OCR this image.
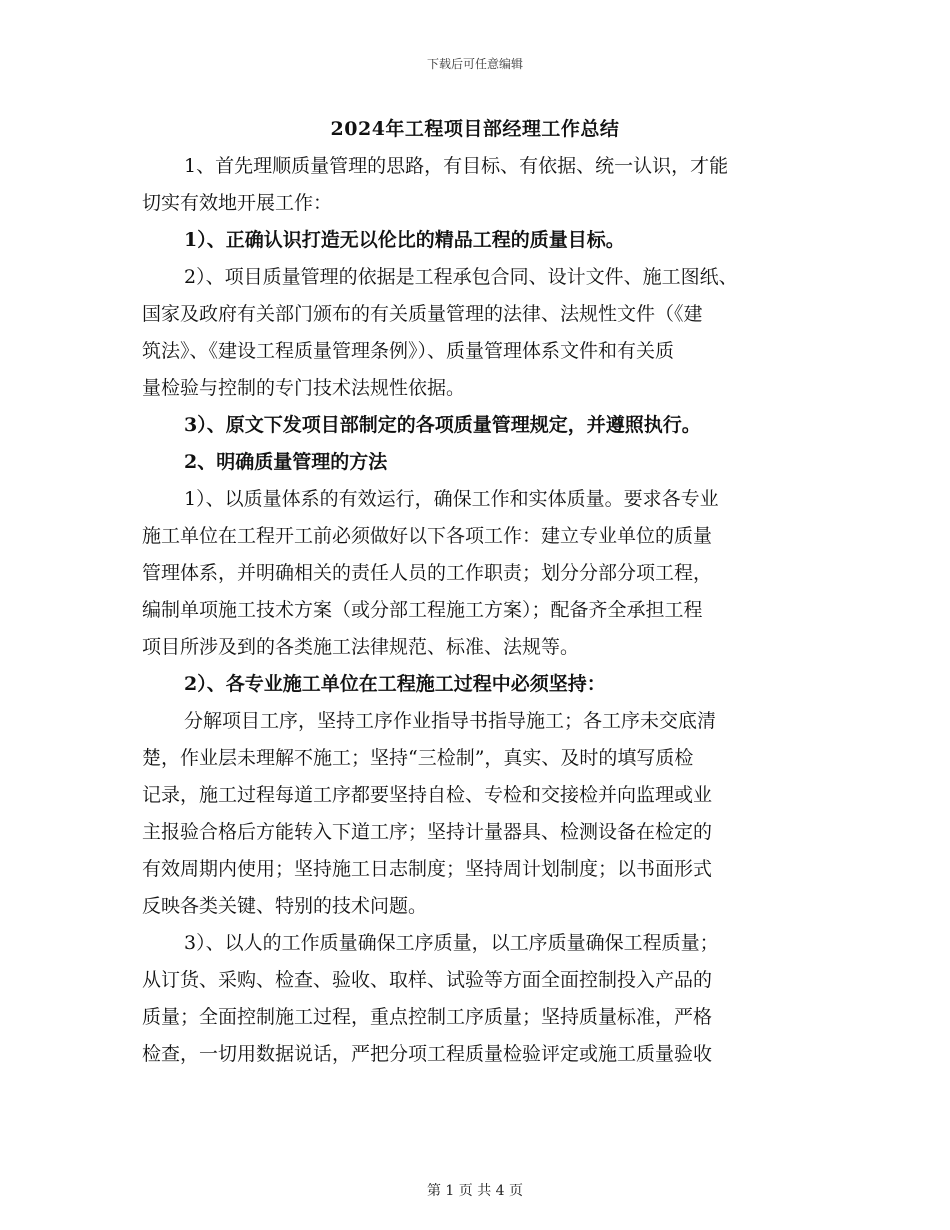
下载后可任意编辑
2024年工程项目部经理工作总结

1、首先理顺质量管理的思路，有目标、有依据、统一认识，才能
切实有效地开展工作：

1）、正确认识打造无以伦比的精品工程的质量目标。

2）、项目质量管理的依据是工程承包合同、设计文件、施工图纸、
国家及政府有关部门颁布的有关质量管理的法律、法规性文件（《建
筑法》、《建设工程质量管理条例》）、质量管理体系文件和有关质
量检验与控制的专门技术法规性依据。

3）、原文下发项目部制定的各项质量管理规定，并遵照执行。

2、明确质量管理的方法

1）、以质量体系的有效运行，确保工作和实体质量。要求各专业
施工单位在工程开工前必须做好以下各项工作：建立专业单位的质量
管理体系，并明确相关的责任人员的工作职责；划分分部分项工程，
编制单项施工技术方案（或分部工程施工方案）；配备齐全承担工程
项目所涉及到的各类施工法律规范、标准、法规等。

2）、各专业施工单位在工程施工过程中必须坚持：

分解项目工序，坚持工序作业指导书指导施工；各工序未交底清
楚，作业层未理解不施工；坚持“三检制”，真实、及时的填写质检
记录，施工过程每道工序都要坚持自检、专检和交接检并向监理或业
主报验合格后方能转入下道工序；坚持计量器具、检测设备在检定的
有效周期内使用；坚持施工日志制度；坚持周计划制度；以书面形式
反映各类关键、特别的技术问题。

3）、以人的工作质量确保工序质量，以工序质量确保工程质量；
从订货、采购、检查、验收、取样、试验等方面全面控制投入产品的
质量；全面控制施工过程，重点控制工序质量；坚持质量标准，严格
检查，一切用数据说话，严把分项工程质量检验评定或施工质量验收

第 1 页 共 4 页
